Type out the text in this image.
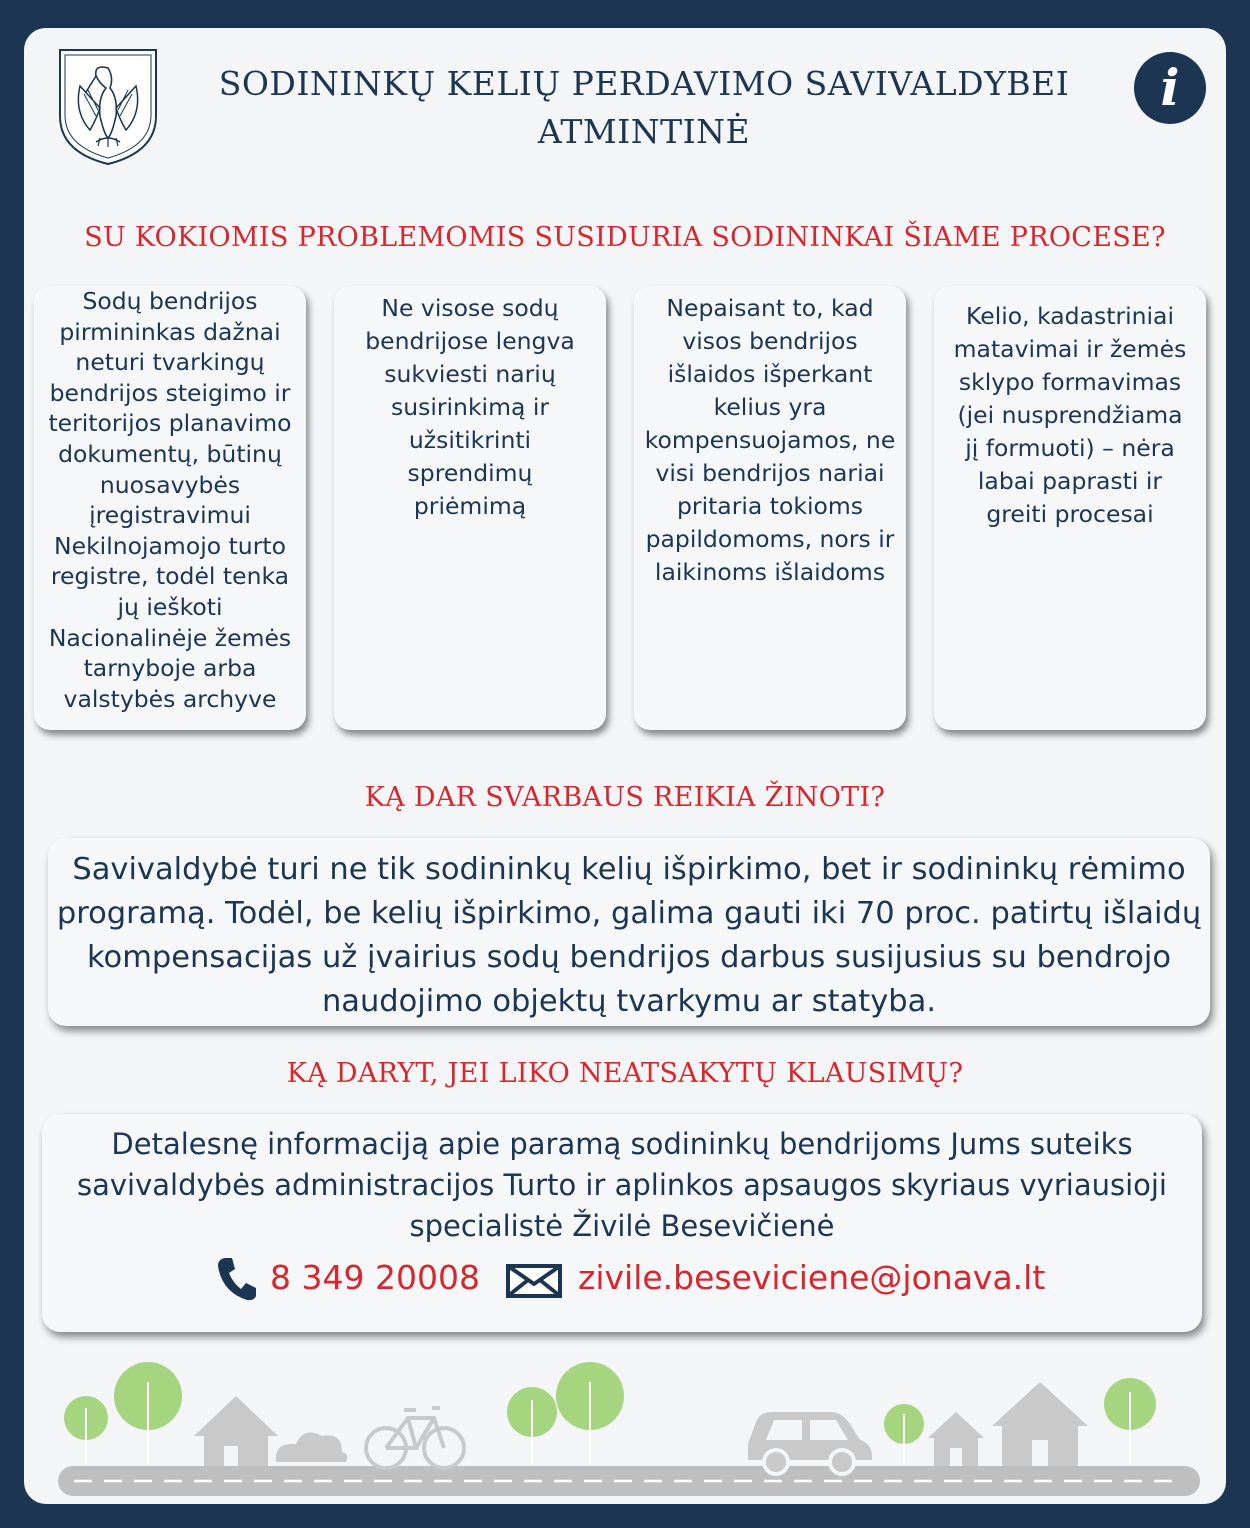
SODININKŲ KELIŲ PERDAVIMO SAVIVALDYBEI
ATMINTINĖ
i
SU KOKIOMIS PROBLEMOMIS SUSIDURIA SODININKAI ŠIAME PROCESE?
Sodų bendrijos pirmininkas dažnai neturi tvarkingų bendrijos steigimo ir teritorijos planavimo dokumentų, būtinų nuosavybės įregistravimui Nekilnojamojo turto registre, todėl tenka jų ieškoti Nacionalinėje žemės tarnyboje arba valstybės archyve
Ne visose sodų bendrijose lengva sukviesti narių susirinkimą ir užsitikrinti sprendimų priėmimą
Nepaisant to, kad visos bendrijos išlaidos išperkant kelius yra kompensuojamos, ne visi bendrijos nariai pritaria tokioms papildomoms, nors ir laikinoms išlaidoms
Kelio, kadastriniai matavimai ir žemės sklypo formavimas (jei nusprendžiama jį formuoti) – nėra labai paprasti ir greiti procesai
KĄ DAR SVARBAUS REIKIA ŽINOTI?
Savivaldybė turi ne tik sodininkų kelių išpirkimo, bet ir sodininkų rėmimo programą. Todėl, be kelių išpirkimo, galima gauti iki 70 proc. patirtų išlaidų kompensacijas už įvairius sodų bendrijos darbus susijusius su bendrojo naudojimo objektų tvarkymu ar statyba.
KĄ DARYT, JEI LIKO NEATSAKYTŲ KLAUSIMŲ?
Detalesnę informaciją apie paramą sodininkų bendrijoms Jums suteiks savivaldybės administracijos Turto ir aplinkos apsaugos skyriaus vyriausioji specialistė Živilė Besevičienė
8 349 20008	zivile.beseviciene@jonava.lt
